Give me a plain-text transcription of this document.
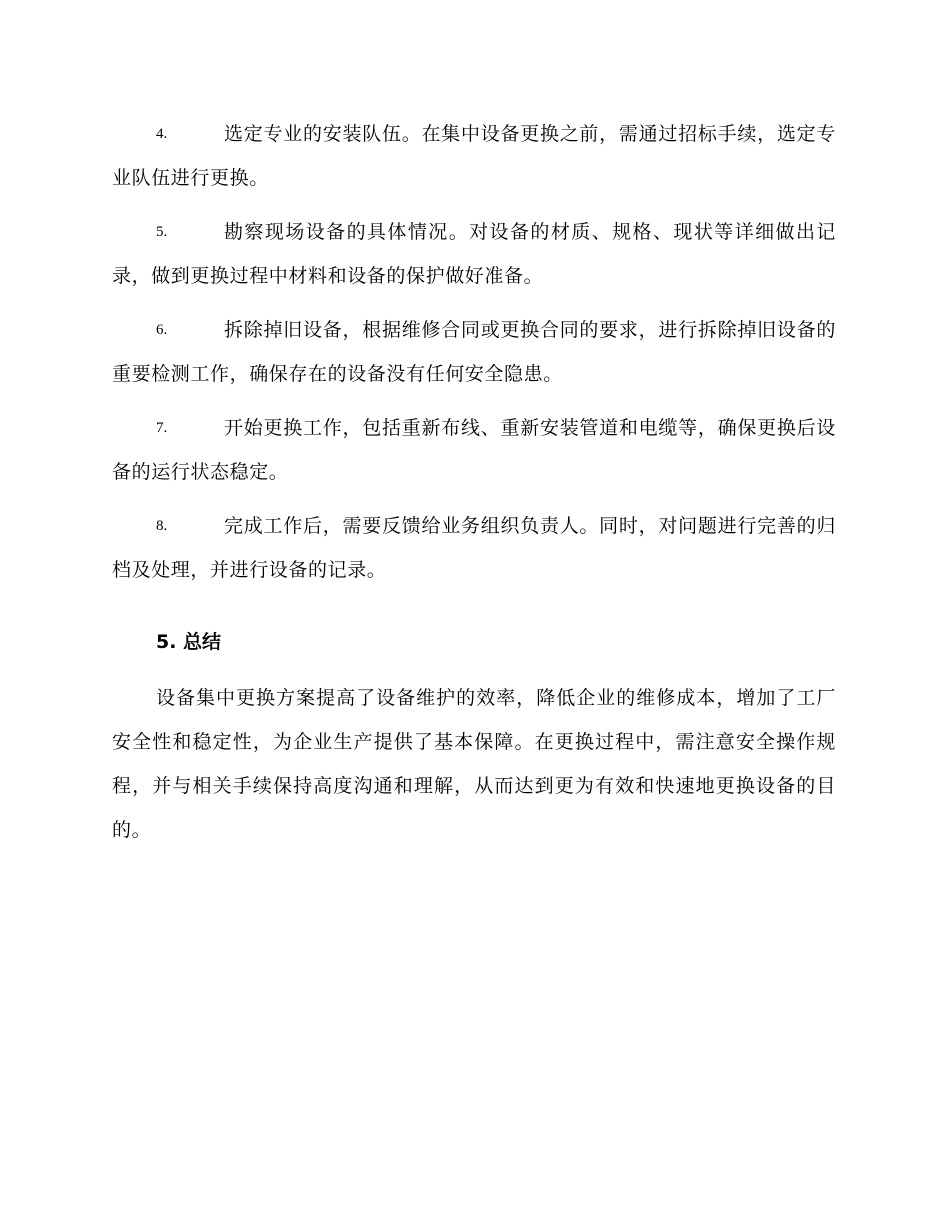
4.	选定专业的安装队伍。在集中设备更换之前，需通过招标手续，选定专业队伍进行更换。

5.	勘察现场设备的具体情况。对设备的材质、规格、现状等详细做出记录，做到更换过程中材料和设备的保护做好准备。

6.	拆除掉旧设备，根据维修合同或更换合同的要求，进行拆除掉旧设备的重要检测工作，确保存在的设备没有任何安全隐患。

7.	开始更换工作，包括重新布线、重新安装管道和电缆等，确保更换后设备的运行状态稳定。

8.	完成工作后，需要反馈给业务组织负责人。同时，对问题进行完善的归档及处理，并进行设备的记录。

5. 总结

设备集中更换方案提高了设备维护的效率，降低企业的维修成本，增加了工厂安全性和稳定性，为企业生产提供了基本保障。在更换过程中，需注意安全操作规程，并与相关手续保持高度沟通和理解，从而达到更为有效和快速地更换设备的目的。
